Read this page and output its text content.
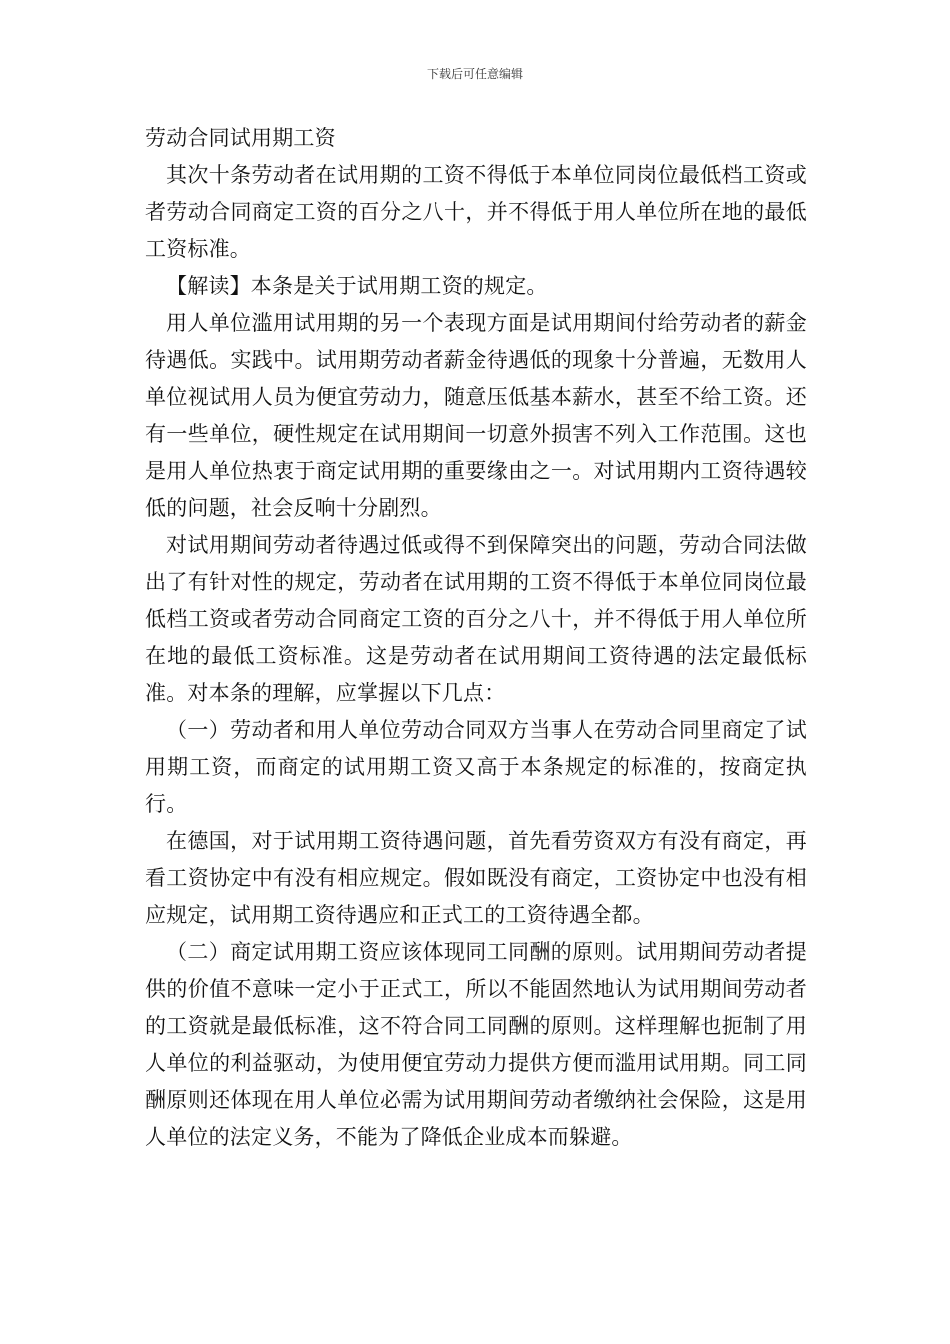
下载后可任意编辑

劳动合同试用期工资

其次十条劳动者在试用期的工资不得低于本单位同岗位最低档工资或者劳动合同商定工资的百分之八十，并不得低于用人单位所在地的最低工资标准。

【解读】本条是关于试用期工资的规定。

用人单位滥用试用期的另一个表现方面是试用期间付给劳动者的薪金待遇低。实践中。试用期劳动者薪金待遇低的现象十分普遍，无数用人单位视试用人员为便宜劳动力，随意压低基本薪水，甚至不给工资。还有一些单位，硬性规定在试用期间一切意外损害不列入工作范围。这也是用人单位热衷于商定试用期的重要缘由之一。对试用期内工资待遇较低的问题，社会反响十分剧烈。

对试用期间劳动者待遇过低或得不到保障突出的问题，劳动合同法做出了有针对性的规定，劳动者在试用期的工资不得低于本单位同岗位最低档工资或者劳动合同商定工资的百分之八十，并不得低于用人单位所在地的最低工资标准。这是劳动者在试用期间工资待遇的法定最低标准。对本条的理解，应掌握以下几点：

（一）劳动者和用人单位劳动合同双方当事人在劳动合同里商定了试用期工资，而商定的试用期工资又高于本条规定的标准的，按商定执行。

在德国，对于试用期工资待遇问题，首先看劳资双方有没有商定，再看工资协定中有没有相应规定。假如既没有商定，工资协定中也没有相应规定，试用期工资待遇应和正式工的工资待遇全都。

（二）商定试用期工资应该体现同工同酬的原则。试用期间劳动者提供的价值不意味一定小于正式工，所以不能固然地认为试用期间劳动者的工资就是最低标准，这不符合同工同酬的原则。这样理解也扼制了用人单位的利益驱动，为使用便宜劳动力提供方便而滥用试用期。同工同酬原则还体现在用人单位必需为试用期间劳动者缴纳社会保险，这是用人单位的法定义务，不能为了降低企业成本而躲避。
